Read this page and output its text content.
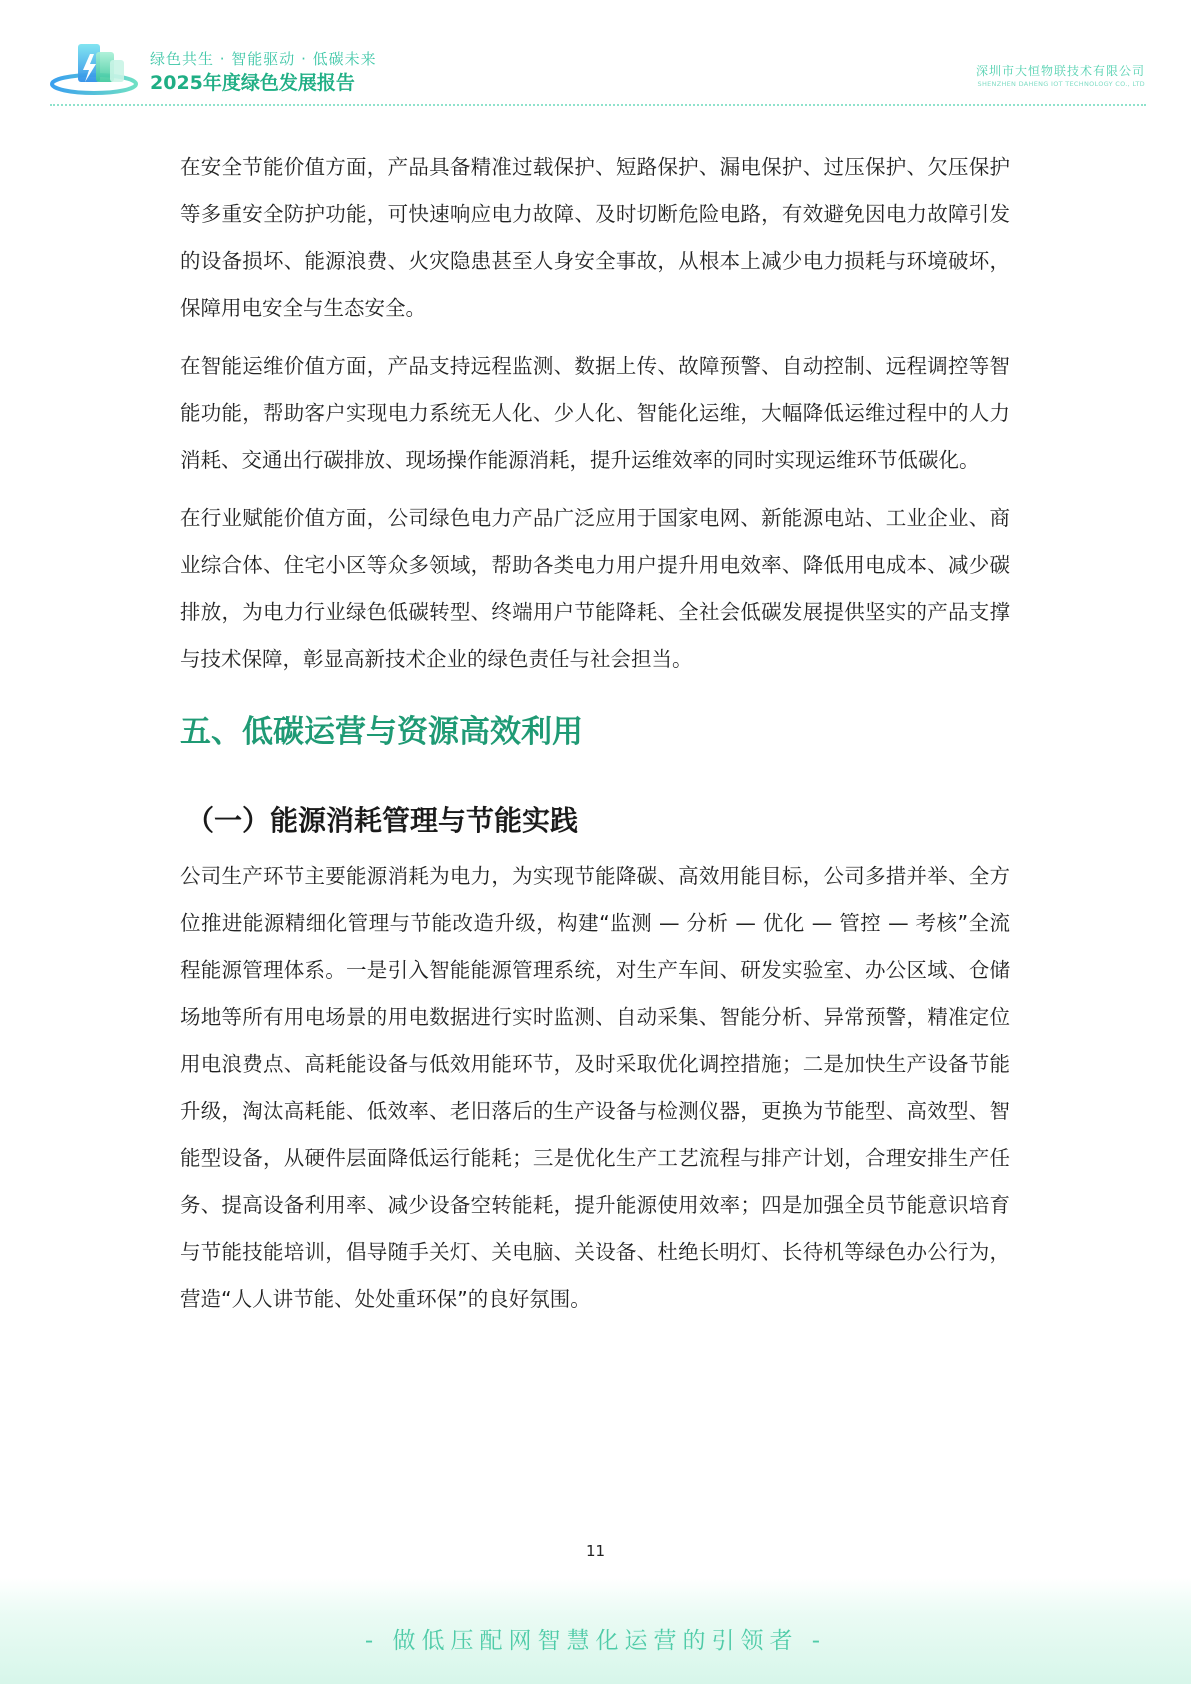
绿色共生 · 智能驱动 · 低碳未来
2025年度绿色发展报告
深圳市大恒物联技术有限公司
SHENZHEN DAHENG IOT TECHNOLOGY CO., LTD

在安全节能价值方面，产品具备精准过载保护、短路保护、漏电保护、过压保护、欠压保护等多重安全防护功能，可快速响应电力故障、及时切断危险电路，有效避免因电力故障引发的设备损坏、能源浪费、火灾隐患甚至人身安全事故，从根本上减少电力损耗与环境破坏，保障用电安全与生态安全。

在智能运维价值方面，产品支持远程监测、数据上传、故障预警、自动控制、远程调控等智能功能，帮助客户实现电力系统无人化、少人化、智能化运维，大幅降低运维过程中的人力消耗、交通出行碳排放、现场操作能源消耗，提升运维效率的同时实现运维环节低碳化。

在行业赋能价值方面，公司绿色电力产品广泛应用于国家电网、新能源电站、工业企业、商业综合体、住宅小区等众多领域，帮助各类电力用户提升用电效率、降低用电成本、减少碳排放，为电力行业绿色低碳转型、终端用户节能降耗、全社会低碳发展提供坚实的产品支撑与技术保障，彰显高新技术企业的绿色责任与社会担当。

五、低碳运营与资源高效利用
（一）能源消耗管理与节能实践

公司生产环节主要能源消耗为电力，为实现节能降碳、高效用能目标，公司多措并举、全方位推进能源精细化管理与节能改造升级，构建“监测 — 分析 — 优化 — 管控 — 考核”全流程能源管理体系。一是引入智能能源管理系统，对生产车间、研发实验室、办公区域、仓储场地等所有用电场景的用电数据进行实时监测、自动采集、智能分析、异常预警，精准定位用电浪费点、高耗能设备与低效用能环节，及时采取优化调控措施；二是加快生产设备节能升级，淘汰高耗能、低效率、老旧落后的生产设备与检测仪器，更换为节能型、高效型、智能型设备，从硬件层面降低运行能耗；三是优化生产工艺流程与排产计划，合理安排生产任务、提高设备利用率、减少设备空转能耗，提升能源使用效率；四是加强全员节能意识培育与节能技能培训，倡导随手关灯、关电脑、关设备、杜绝长明灯、长待机等绿色办公行为，营造“人人讲节能、处处重环保”的良好氛围。

11
- 做低压配网智慧化运营的引领者 -
